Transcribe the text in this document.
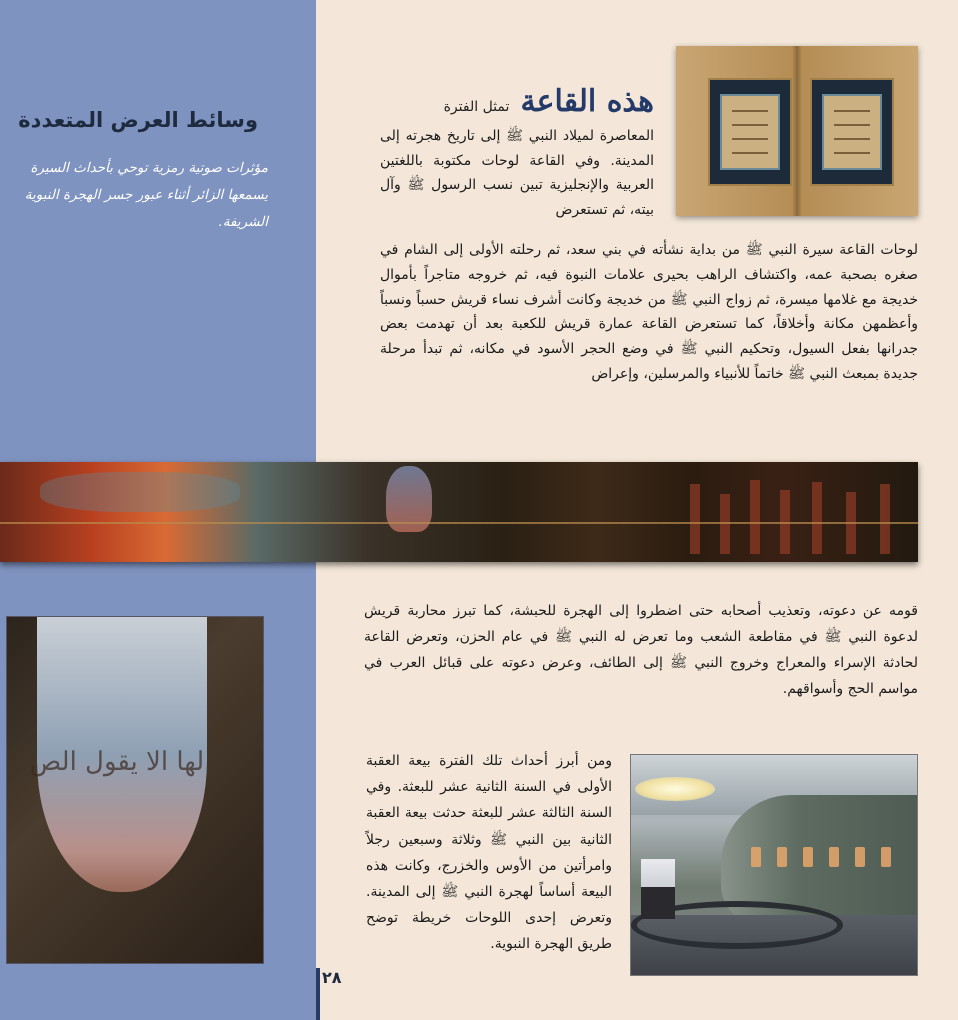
وسائط العرض المتعددة
مؤثرات صوتية رمزية توحي بأحداث السيرة يسمعها الزائر أثناء عبور جسر الهجرة النبوية الشريفة.
هذه القاعة تمثل الفترة
المعاصرة لميلاد النبي ﷺ إلى تاريخ هجرته إلى المدينة. وفي القاعة لوحات مكتوبة باللغتين العربية والإنجليزية تبين نسب الرسول ﷺ وآل بيته، ثم تستعرض
لوحات القاعة سيرة النبي ﷺ من بداية نشأته في بني سعد، ثم رحلته الأولى إلى الشام في صغره بصحبة عمه، واكتشاف الراهب بحيرى علامات النبوة فيه، ثم خروجه متاجراً بأموال خديجة مع غلامها ميسرة، ثم زواج النبي ﷺ من خديجة وكانت أشرف نساء قريش حسباً ونسباً وأعظمهن مكانة وأخلاقاً، كما تستعرض القاعة عمارة قريش للكعبة بعد أن تهدمت بعض جدرانها بفعل السيول، وتحكيم النبي ﷺ في وضع الحجر الأسود في مكانه، ثم تبدأ مرحلة جديدة بمبعث النبي ﷺ خاتماً للأنبياء والمرسلين، وإعراض
قومه عن دعوته، وتعذيب أصحابه حتى اضطروا إلى الهجرة للحبشة، كما تبرز محاربة قريش لدعوة النبي ﷺ في مقاطعة الشعب وما تعرض له النبي ﷺ في عام الحزن، وتعرض القاعة لحادثة الإسراء والمعراج وخروج النبي ﷺ إلى الطائف، وعرض دعوته على قبائل العرب في مواسم الحج وأسواقهم.
لها الا يقول الص	ومن أبرز أحداث تلك الفترة بيعة العقبة الأولى في السنة الثانية عشر للبعثة. وفي السنة الثالثة عشر للبعثة حدثت بيعة العقبة الثانية بين النبي ﷺ وثلاثة وسبعين رجلاً وامرأتين من الأوس والخزرج، وكانت هذه البيعة أساساً لهجرة النبي ﷺ إلى المدينة. وتعرض إحدى اللوحات خريطة توضح طريق الهجرة النبوية.
٢٨
